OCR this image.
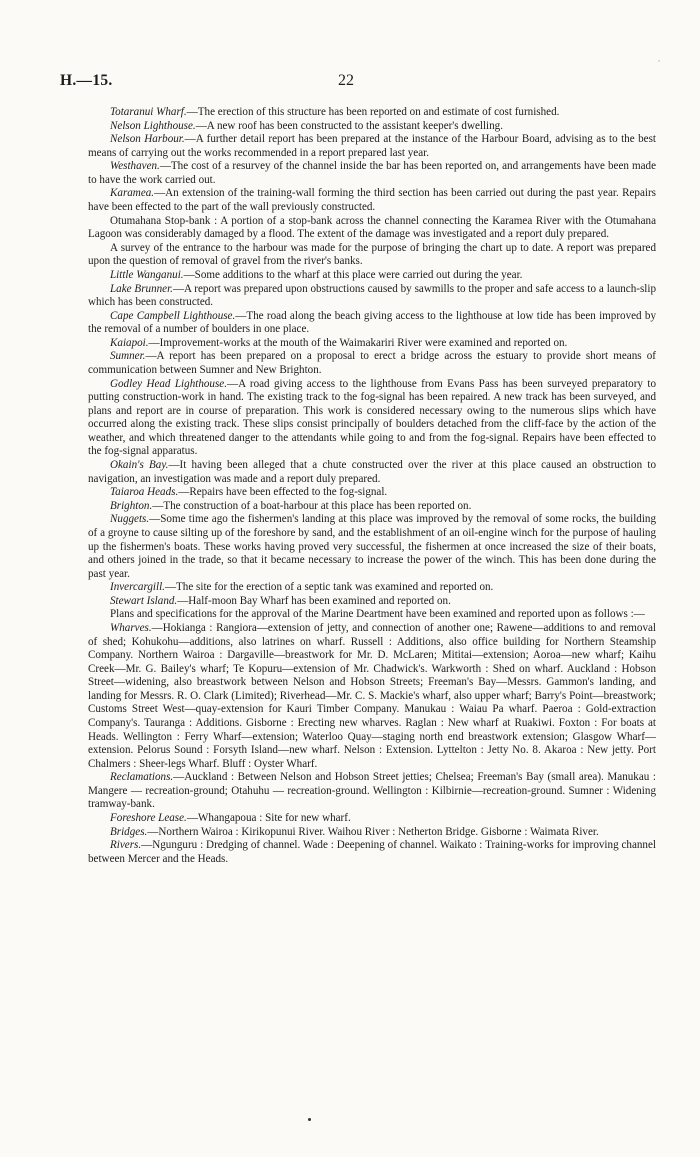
H.—15.	22

Totaranui Wharf.—The erection of this structure has been reported on and estimate of cost furnished.

Nelson Lighthouse.—A new roof has been constructed to the assistant keeper's dwelling.

Nelson Harbour.—A further detail report has been prepared at the instance of the Harbour Board, advising as to the best means of carrying out the works recommended in a report prepared last year.

Westhaven.—The cost of a resurvey of the channel inside the bar has been reported on, and arrangements have been made to have the work carried out.

Karamea.—An extension of the training-wall forming the third section has been carried out during the past year. Repairs have been effected to the part of the wall previously constructed.

Otumahana Stop-bank : A portion of a stop-bank across the channel connecting the Karamea River with the Otumahana Lagoon was considerably damaged by a flood. The extent of the damage was investigated and a report duly prepared.

A survey of the entrance to the harbour was made for the purpose of bringing the chart up to date. A report was prepared upon the question of removal of gravel from the river's banks.

Little Wanganui.—Some additions to the wharf at this place were carried out during the year.

Lake Brunner.—A report was prepared upon obstructions caused by sawmills to the proper and safe access to a launch-slip which has been constructed.

Cape Campbell Lighthouse.—The road along the beach giving access to the lighthouse at low tide has been improved by the removal of a number of boulders in one place.

Kaiapoi.—Improvement-works at the mouth of the Waimakariri River were examined and reported on.

Sumner.—A report has been prepared on a proposal to erect a bridge across the estuary to provide short means of communication between Sumner and New Brighton.

Godley Head Lighthouse.—A road giving access to the lighthouse from Evans Pass has been surveyed preparatory to putting construction-work in hand. The existing track to the fog-signal has been repaired. A new track has been surveyed, and plans and report are in course of preparation. This work is considered necessary owing to the numerous slips which have occurred along the existing track. These slips consist principally of boulders detached from the cliff-face by the action of the weather, and which threatened danger to the attendants while going to and from the fog-signal. Repairs have been effected to the fog-signal apparatus.

Okain's Bay.—It having been alleged that a chute constructed over the river at this place caused an obstruction to navigation, an investigation was made and a report duly prepared.

Taiaroa Heads.—Repairs have been effected to the fog-signal.

Brighton.—The construction of a boat-harbour at this place has been reported on.

Nuggets.—Some time ago the fishermen's landing at this place was improved by the removal of some rocks, the building of a groyne to cause silting up of the foreshore by sand, and the establishment of an oil-engine winch for the purpose of hauling up the fishermen's boats. These works having proved very successful, the fishermen at once increased the size of their boats, and others joined in the trade, so that it became necessary to increase the power of the winch. This has been done during the past year.

Invercargill.—The site for the erection of a septic tank was examined and reported on.

Stewart Island.—Half-moon Bay Wharf has been examined and reported on.

Plans and specifications for the approval of the Marine Deartment have been examined and reported upon as follows :—

Wharves.—Hokianga : Rangiora—extension of jetty, and connection of another one; Rawene—additions to and removal of shed; Kohukohu—additions, also latrines on wharf. Russell : Additions, also office building for Northern Steamship Company. Northern Wairoa : Dargaville—breastwork for Mr. D. McLaren; Mititai—extension; Aoroa—new wharf; Kaihu Creek—Mr. G. Bailey's wharf; Te Kopuru—extension of Mr. Chadwick's. Warkworth : Shed on wharf. Auckland : Hobson Street—widening, also breastwork between Nelson and Hobson Streets; Freeman's Bay—Messrs. Gammon's landing, and landing for Messrs. R. O. Clark (Limited); Riverhead—Mr. C. S. Mackie's wharf, also upper wharf; Barry's Point—breastwork; Customs Street West—quay-extension for Kauri Timber Company. Manukau : Waiau Pa wharf. Paeroa : Gold-extraction Company's. Tauranga : Additions. Gisborne : Erecting new wharves. Raglan : New wharf at Ruakiwi. Foxton : For boats at Heads. Wellington : Ferry Wharf—extension; Waterloo Quay—staging north end breastwork extension; Glasgow Wharf—extension. Pelorus Sound : Forsyth Island—new wharf. Nelson : Extension. Lyttelton : Jetty No. 8. Akaroa : New jetty. Port Chalmers : Sheer-legs Wharf. Bluff : Oyster Wharf.

Reclamations.—Auckland : Between Nelson and Hobson Street jetties; Chelsea; Freeman's Bay (small area). Manukau : Mangere — recreation-ground; Otahuhu — recreation-ground. Wellington : Kilbirnie—recreation-ground. Sumner : Widening tramway-bank.

Foreshore Lease.—Whangapoua : Site for new wharf.

Bridges.—Northern Wairoa : Kirikopunui River. Waihou River : Netherton Bridge. Gisborne : Waimata River.

Rivers.—Ngunguru : Dredging of channel. Wade : Deepening of channel. Waikato : Training-works for improving channel between Mercer and the Heads.
